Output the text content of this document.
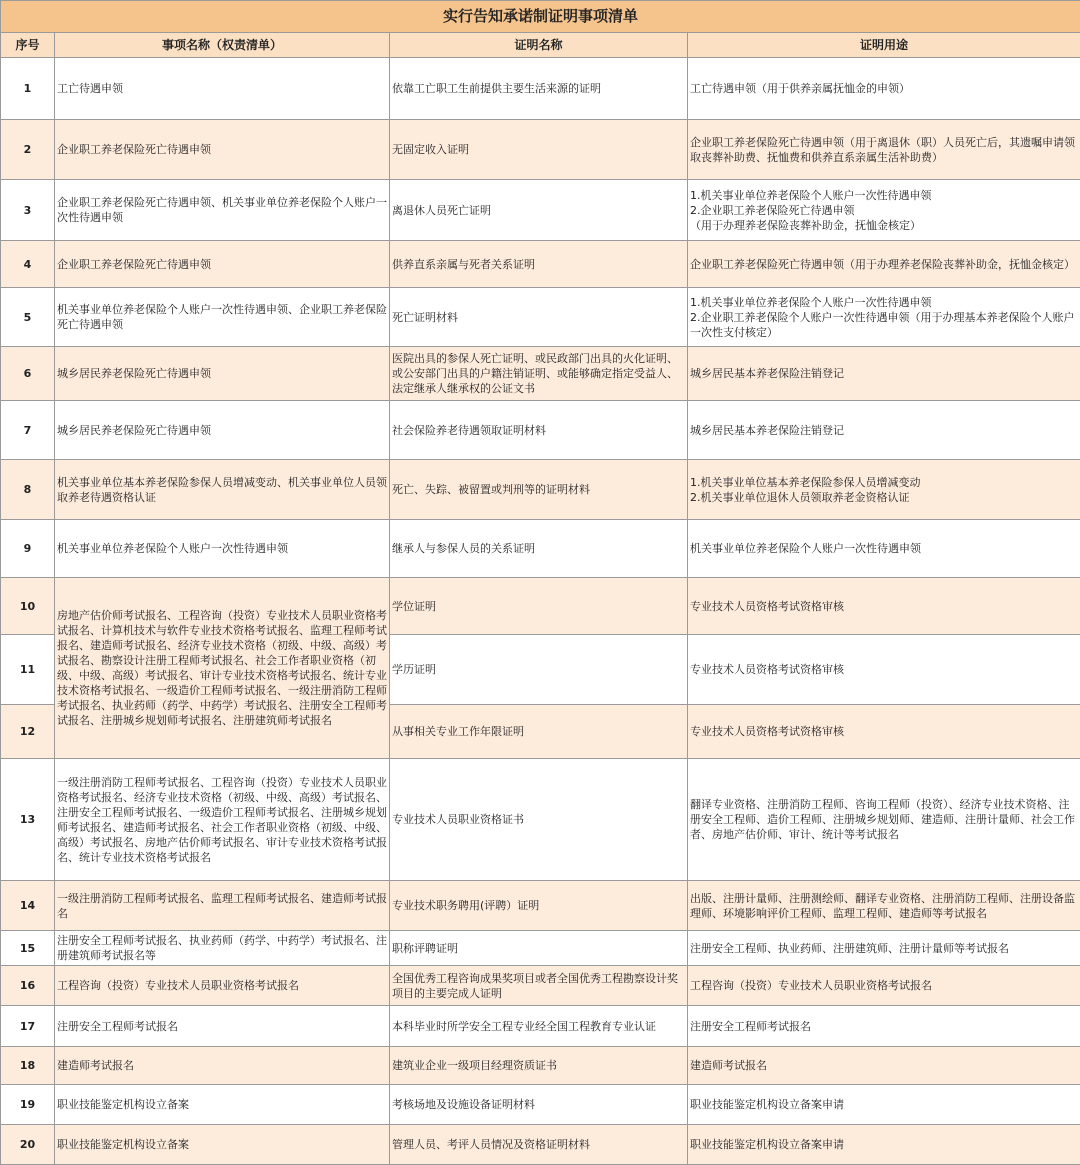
实行告知承诺制证明事项清单			
序号	事项名称（权责清单）	证明名称	证明用途
1	工亡待遇申领	依靠工亡职工生前提供主要生活来源的证明	工亡待遇申领（用于供养亲属抚恤金的申领）
2	企业职工养老保险死亡待遇申领	无固定收入证明	企业职工养老保险死亡待遇申领（用于离退休（职）人员死亡后，其遗嘱申请领取丧葬补助费、抚恤费和供养直系亲属生活补助费）
3	企业职工养老保险死亡待遇申领、机关事业单位养老保险个人账户一次性待遇申领	离退休人员死亡证明	1.机关事业单位养老保险个人账户一次性待遇申领
2.企业职工养老保险死亡待遇申领
（用于办理养老保险丧葬补助金，抚恤金核定）
4	企业职工养老保险死亡待遇申领	供养直系亲属与死者关系证明	企业职工养老保险死亡待遇申领（用于办理养老保险丧葬补助金，抚恤金核定）
5	机关事业单位养老保险个人账户一次性待遇申领、企业职工养老保险死亡待遇申领	死亡证明材料	1.机关事业单位养老保险个人账户一次性待遇申领
2.企业职工养老保险个人账户一次性待遇申领（用于办理基本养老保险个人账户一次性支付核定）
6	城乡居民养老保险死亡待遇申领	医院出具的参保人死亡证明、或民政部门出具的火化证明、或公安部门出具的户籍注销证明、或能够确定指定受益人、法定继承人继承权的公证文书	城乡居民基本养老保险注销登记
7	城乡居民养老保险死亡待遇申领	社会保险养老待遇领取证明材料	城乡居民基本养老保险注销登记
8	机关事业单位基本养老保险参保人员增减变动、机关事业单位人员领取养老待遇资格认证	死亡、失踪、被留置或判刑等的证明材料	1.机关事业单位基本养老保险参保人员增减变动
2.机关事业单位退休人员领取养老金资格认证
9	机关事业单位养老保险个人账户一次性待遇申领	继承人与参保人员的关系证明	机关事业单位养老保险个人账户一次性待遇申领
10	房地产估价师考试报名、工程咨询（投资）专业技术人员职业资格考试报名、计算机技术与软件专业技术资格考试报名、监理工程师考试报名、建造师考试报名、经济专业技术资格（初级、中级、高级）考试报名、勘察设计注册工程师考试报名、社会工作者职业资格（初级、中级、高级）考试报名、审计专业技术资格考试报名、统计专业技术资格考试报名、一级造价工程师考试报名、一级注册消防工程师考试报名、执业药师（药学、中药学）考试报名、注册安全工程师考试报名、注册城乡规划师考试报名、注册建筑师考试报名	学位证明	专业技术人员资格考试资格审核
11		学历证明	专业技术人员资格考试资格审核
12		从事相关专业工作年限证明	专业技术人员资格考试资格审核
13	一级注册消防工程师考试报名、工程咨询（投资）专业技术人员职业资格考试报名、经济专业技术资格（初级、中级、高级）考试报名、注册安全工程师考试报名、一级造价工程师考试报名、注册城乡规划师考试报名、建造师考试报名、社会工作者职业资格（初级、中级、高级）考试报名、房地产估价师考试报名、审计专业技术资格考试报名、统计专业技术资格考试报名	专业技术人员职业资格证书	翻译专业资格、注册消防工程师、咨询工程师（投资）、经济专业技术资格、注册安全工程师、造价工程师、注册城乡规划师、建造师、注册计量师、社会工作者、房地产估价师、审计、统计等考试报名
14	一级注册消防工程师考试报名、监理工程师考试报名、建造师考试报名	专业技术职务聘用(评聘）证明	出版、注册计量师、注册测绘师、翻译专业资格、注册消防工程师、注册设备监理师、环境影响评价工程师、监理工程师、建造师等考试报名
15	注册安全工程师考试报名、执业药师（药学、中药学）考试报名、注册建筑师考试报名等	职称评聘证明	注册安全工程师、执业药师、注册建筑师、注册计量师等考试报名
16	工程咨询（投资）专业技术人员职业资格考试报名	全国优秀工程咨询成果奖项目或者全国优秀工程勘察设计奖项目的主要完成人证明	工程咨询（投资）专业技术人员职业资格考试报名
17	注册安全工程师考试报名	本科毕业时所学安全工程专业经全国工程教育专业认证	注册安全工程师考试报名
18	建造师考试报名	建筑业企业一级项目经理资质证书	建造师考试报名
19	职业技能鉴定机构设立备案	考核场地及设施设备证明材料	职业技能鉴定机构设立备案申请
20	职业技能鉴定机构设立备案	管理人员、考评人员情况及资格证明材料	职业技能鉴定机构设立备案申请
